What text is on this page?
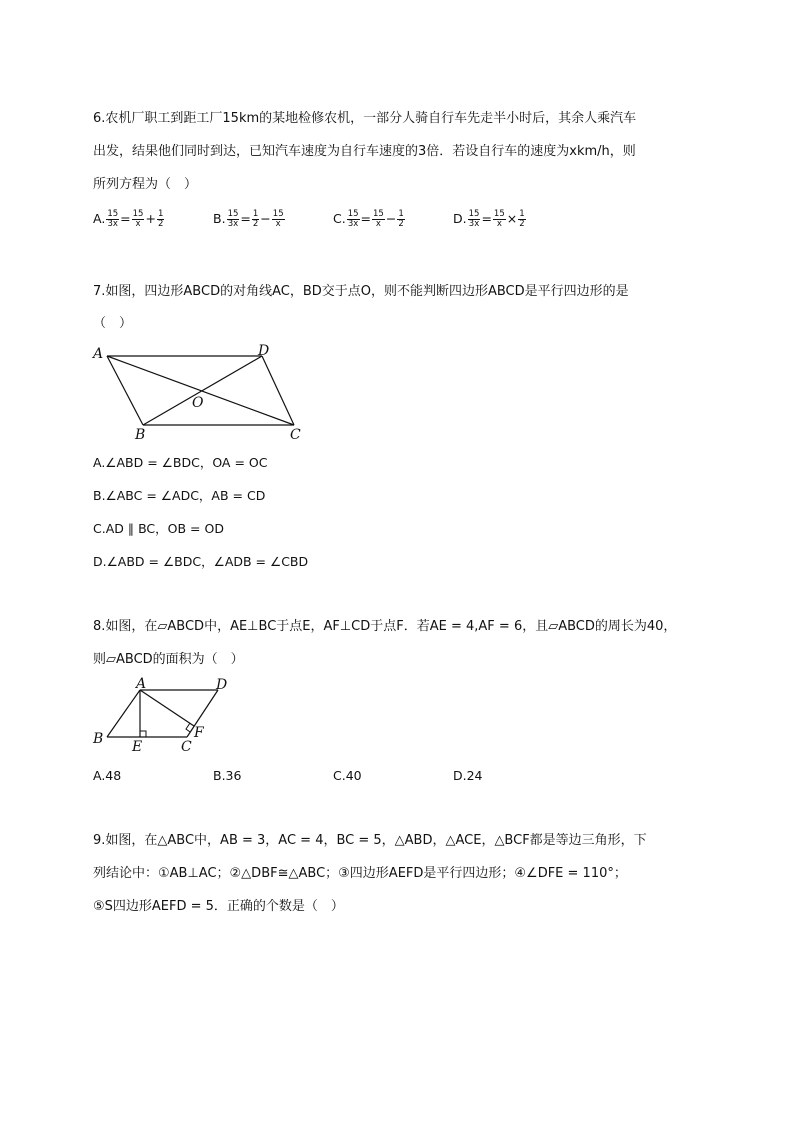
6.农机厂职工到距工厂15km的某地检修农机，一部分人骑自行车先走半小时后，其余人乘汽车
出发，结果他们同时到达，已知汽车速度为自行车速度的3倍．若设自行车的速度为xkm/h，则
所列方程为（　）
A. $\frac{15}{3x} = \frac{15}{x} + \frac{1}{2}$	B. $\frac{15}{3x} = \frac{1}{2} - \frac{15}{x}$	C. $\frac{15}{3x} = \frac{15}{x} - \frac{1}{2}$	D. $\frac{15}{3x} = \frac{15}{x} \times \frac{1}{2}$
7.如图，四边形ABCD的对角线AC，BD交于点O，则不能判断四边形ABCD是平行四边形的是
（　）
A	D
O
B	C
A.∠ABD = ∠BDC，OA = OC
B.∠ABC = ∠ADC，AB = CD
C.AD ∥ BC，OB = OD
D.∠ABD = ∠BDC，∠ADB = ∠CBD
8.如图，在▱ABCD中，AE⊥BC于点E，AF⊥CD于点F．若AE = 4,AF = 6，且▱ABCD的周长为40，
则▱ABCD的面积为（　）
A	D
B E	C
F
A.48	B.36	C.40	D.24
9.如图，在△ABC中，AB = 3，AC = 4，BC = 5，△ABD，△ACE，△BCF都是等边三角形，下
列结论中：①AB⊥AC；②△DBF≅△ABC；③四边形AEFD是平行四边形；④∠DFE = 110°；
⑤S四边形AEFD = 5．正确的个数是（　）
